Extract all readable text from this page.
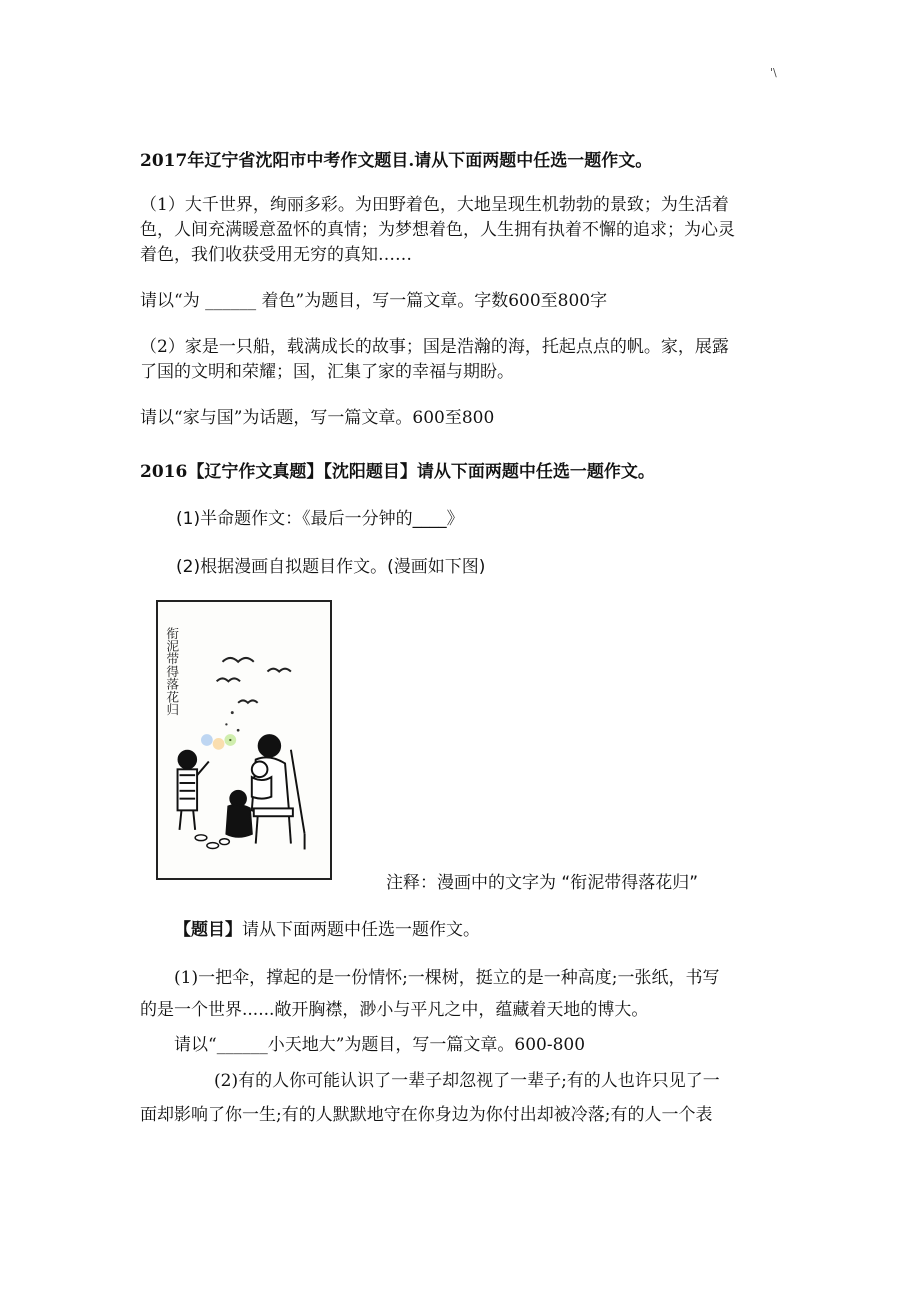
'\
2017年辽宁省沈阳市中考作文题目.请从下面两题中任选一题作文。
（1）大千世界，绚丽多彩。为田野着色，大地呈现生机勃勃的景致；为生活着
色，人间充满暖意盈怀的真情；为梦想着色，人生拥有执着不懈的追求；为心灵
着色，我们收获受用无穷的真知……
请以“为 ______ 着色”为题目，写一篇文章。字数600至800字
（2）家是一只船，载满成长的故事；国是浩瀚的海，托起点点的帆。家，展露
了国的文明和荣耀；国，汇集了家的幸福与期盼。
请以“家与国”为话题，写一篇文章。600至800
2016【辽宁作文真题】【沈阳题目】请从下面两题中任选一题作文。
(1)半命题作文：《最后一分钟的____》
(2)根据漫画自拟题目作文。(漫画如下图)
衔泥带得落花归
注释：漫画中的文字为 “衔泥带得落花归”
【题目】请从下面两题中任选一题作文。
(1)一把伞，撑起的是一份情怀;一棵树，挺立的是一种高度;一张纸，书写
的是一个世界......敞开胸襟，渺小与平凡之中，蕴藏着天地的博大。
请以“______小天地大”为题目，写一篇文章。600-800
(2)有的人你可能认识了一辈子却忽视了一辈子;有的人也许只见了一
面却影响了你一生;有的人默默地守在你身边为你付出却被冷落;有的人一个表
